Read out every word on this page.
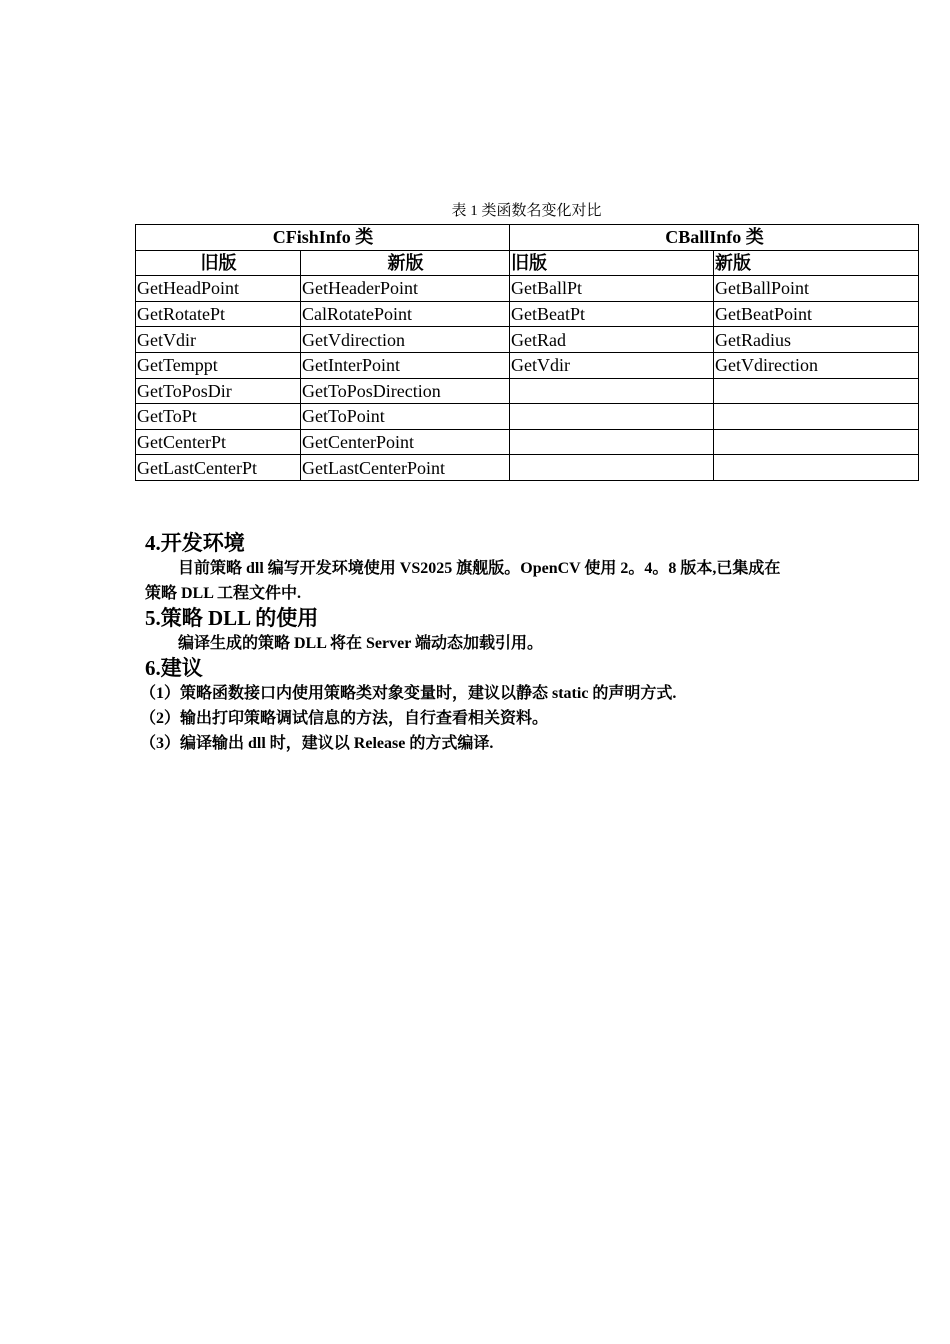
表 1 类函数名变化对比
CFishInfo 类		CBallInfo 类	
旧版	新版	旧版	新版
GetHeadPoint	GetHeaderPoint	GetBallPt	GetBallPoint
GetRotatePt	CalRotatePoint	GetBeatPt	GetBeatPoint
GetVdir	GetVdirection	GetRad	GetRadius
GetTemppt	GetInterPoint	GetVdir	GetVdirection
GetToPosDir	GetToPosDirection		
GetToPt	GetToPoint		
GetCenterPt	GetCenterPoint		
GetLastCenterPt	GetLastCenterPoint		
4.开发环境
目前策略 dll 编写开发环境使用 VS2025 旗舰版。OpenCV 使用 2。4。8 版本,已集成在
策略 DLL 工程文件中.
5.策略 DLL 的使用
编译生成的策略 DLL 将在 Server 端动态加载引用。
6.建议
（1）策略函数接口内使用策略类对象变量时，建议以静态 static 的声明方式.
（2）输出打印策略调试信息的方法，自行查看相关资料。
（3）编译输出 dll 时，建议以 Release 的方式编译.
